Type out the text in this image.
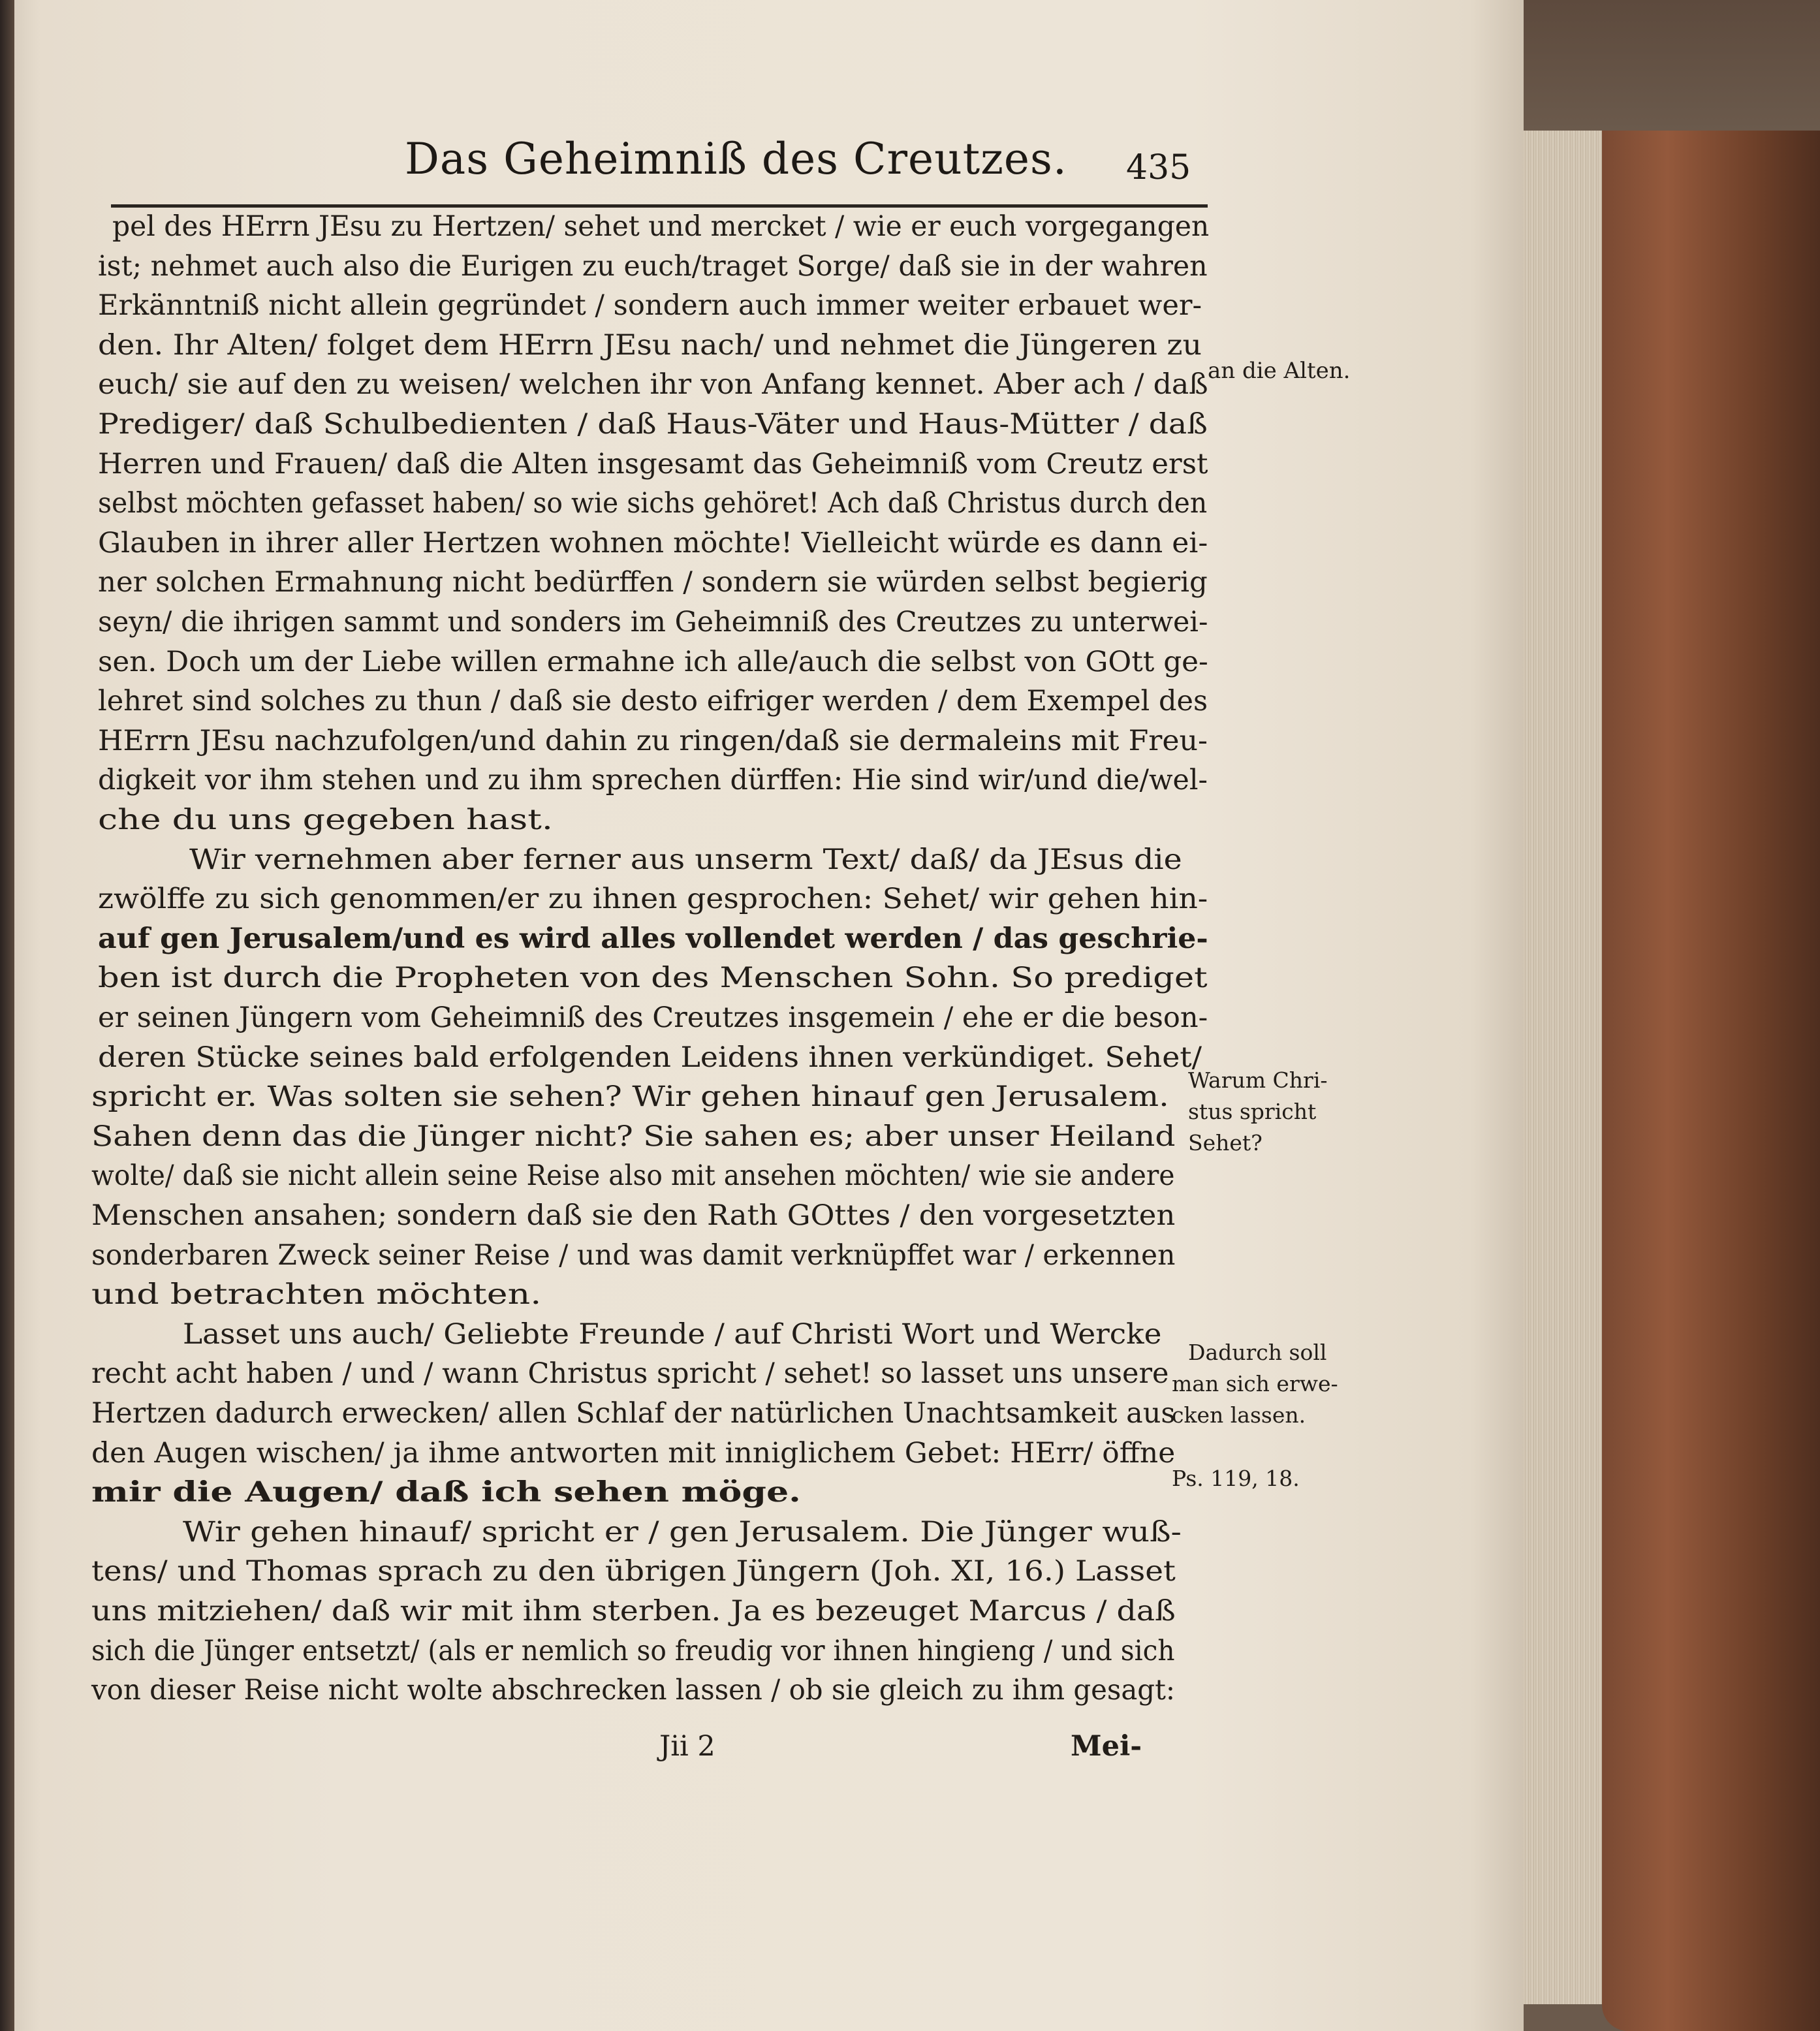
Das Geheimniß des Creutzes. 435
pel des HErrn JEsu zu Hertzen/ sehet und mercket / wie er euch vorgegangen
ist; nehmet auch also die Eurigen zu euch/traget Sorge/ daß sie in der wahren
Erkänntniß nicht allein gegründet / sondern auch immer weiter erbauet wer-
den. Ihr Alten/ folget dem HErrn JEsu nach/ und nehmet die Jüngeren zu
euch/ sie auf den zu weisen/ welchen ihr von Anfang kennet. Aber ach / daß
Prediger/ daß Schulbedienten / daß Haus-Väter und Haus-Mütter / daß
Herren und Frauen/ daß die Alten insgesamt das Geheimniß vom Creutz erst
selbst möchten gefasset haben/ so wie sichs gehöret! Ach daß Christus durch den
Glauben in ihrer aller Hertzen wohnen möchte! Vielleicht würde es dann ei-
ner solchen Ermahnung nicht bedürffen / sondern sie würden selbst begierig
seyn/ die ihrigen sammt und sonders im Geheimniß des Creutzes zu unterwei-
sen. Doch um der Liebe willen ermahne ich alle/auch die selbst von GOtt ge-
lehret sind solches zu thun / daß sie desto eifriger werden / dem Exempel des
HErrn JEsu nachzufolgen/und dahin zu ringen/daß sie dermaleins mit Freu-
digkeit vor ihm stehen und zu ihm sprechen dürffen: Hie sind wir/und die/wel-
che du uns gegeben hast.
Wir vernehmen aber ferner aus unserm Text/ daß/ da JEsus die
zwölffe zu sich genommen/er zu ihnen gesprochen: Sehet/ wir gehen hin-
auf gen Jerusalem/und es wird alles vollendet werden / das geschrie-
ben ist durch die Propheten von des Menschen Sohn. So prediget
er seinen Jüngern vom Geheimniß des Creutzes insgemein / ehe er die beson-
deren Stücke seines bald erfolgenden Leidens ihnen verkündiget. Sehet/
spricht er. Was solten sie sehen? Wir gehen hinauf gen Jerusalem.
Sahen denn das die Jünger nicht? Sie sahen es; aber unser Heiland
wolte/ daß sie nicht allein seine Reise also mit ansehen möchten/ wie sie andere
Menschen ansahen; sondern daß sie den Rath GOttes / den vorgesetzten
sonderbaren Zweck seiner Reise / und was damit verknüpffet war / erkennen
und betrachten möchten.
Lasset uns auch/ Geliebte Freunde / auf Christi Wort und Wercke
recht acht haben / und / wann Christus spricht / sehet! so lasset uns unsere
Hertzen dadurch erwecken/ allen Schlaf der natürlichen Unachtsamkeit aus
den Augen wischen/ ja ihme antworten mit inniglichem Gebet: HErr/ öffne
mir die Augen/ daß ich sehen möge.
Wir gehen hinauf/ spricht er / gen Jerusalem. Die Jünger wuß-
tens/ und Thomas sprach zu den übrigen Jüngern (Joh. XI, 16.) Lasset
uns mitziehen/ daß wir mit ihm sterben. Ja es bezeuget Marcus / daß
sich die Jünger entsetzt/ (als er nemlich so freudig vor ihnen hingieng / und sich
von dieser Reise nicht wolte abschrecken lassen / ob sie gleich zu ihm gesagt:
an die Alten.
Warum Chri-
stus spricht
Sehet?
Dadurch soll
man sich erwe-
cken lassen.
Ps. 119, 18.
Jii 2	Mei-
